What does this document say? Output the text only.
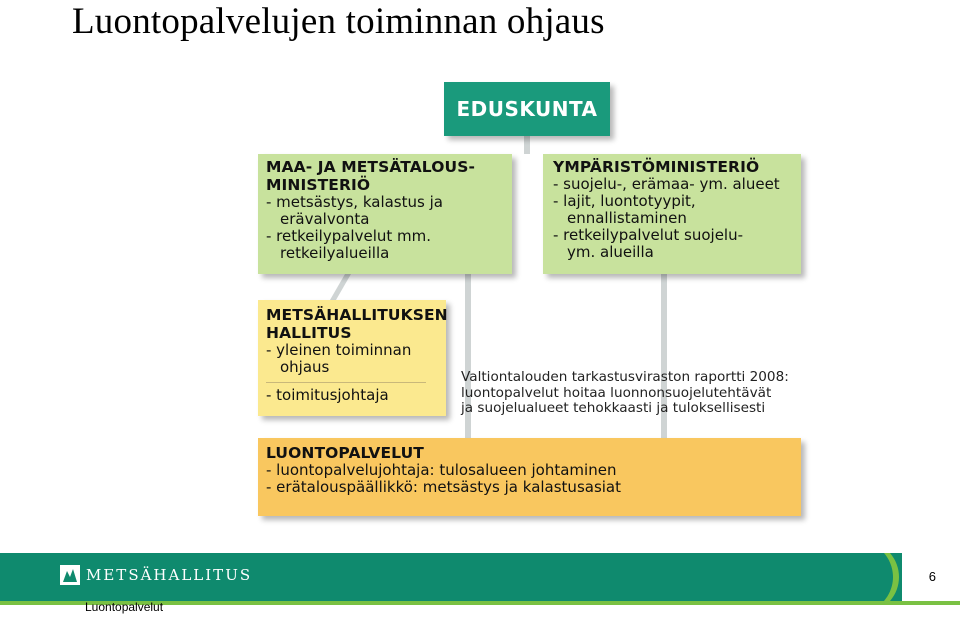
Luontopalvelujen toiminnan ohjaus
EDUSKUNTA
MAA- JA METSÄTALOUS-
MINISTERIÖ
- metsästys, kalastus ja
erävalvonta
- retkeilypalvelut mm.
retkeilyalueilla
YMPÄRISTÖMINISTERIÖ
- suojelu-, erämaa- ym. alueet
- lajit, luontotyypit,
ennallistaminen
- retkeilypalvelut suojelu-
ym. alueilla
METSÄHALLITUKSEN
HALLITUS
- yleinen toiminnan
ohjaus
- toimitusjohtaja
LUONTOPALVELUT
- luontopalvelujohtaja: tulosalueen johtaminen
- erätalouspäällikkö: metsästys ja kalastusasiat
Valtiontalouden tarkastusviraston raportti 2008:
luontopalvelut hoitaa luonnonsuojelutehtävät
ja suojelualueet tehokkaasti ja tuloksellisesti
METSÄHALLITUS	6
Luontopalvelut
